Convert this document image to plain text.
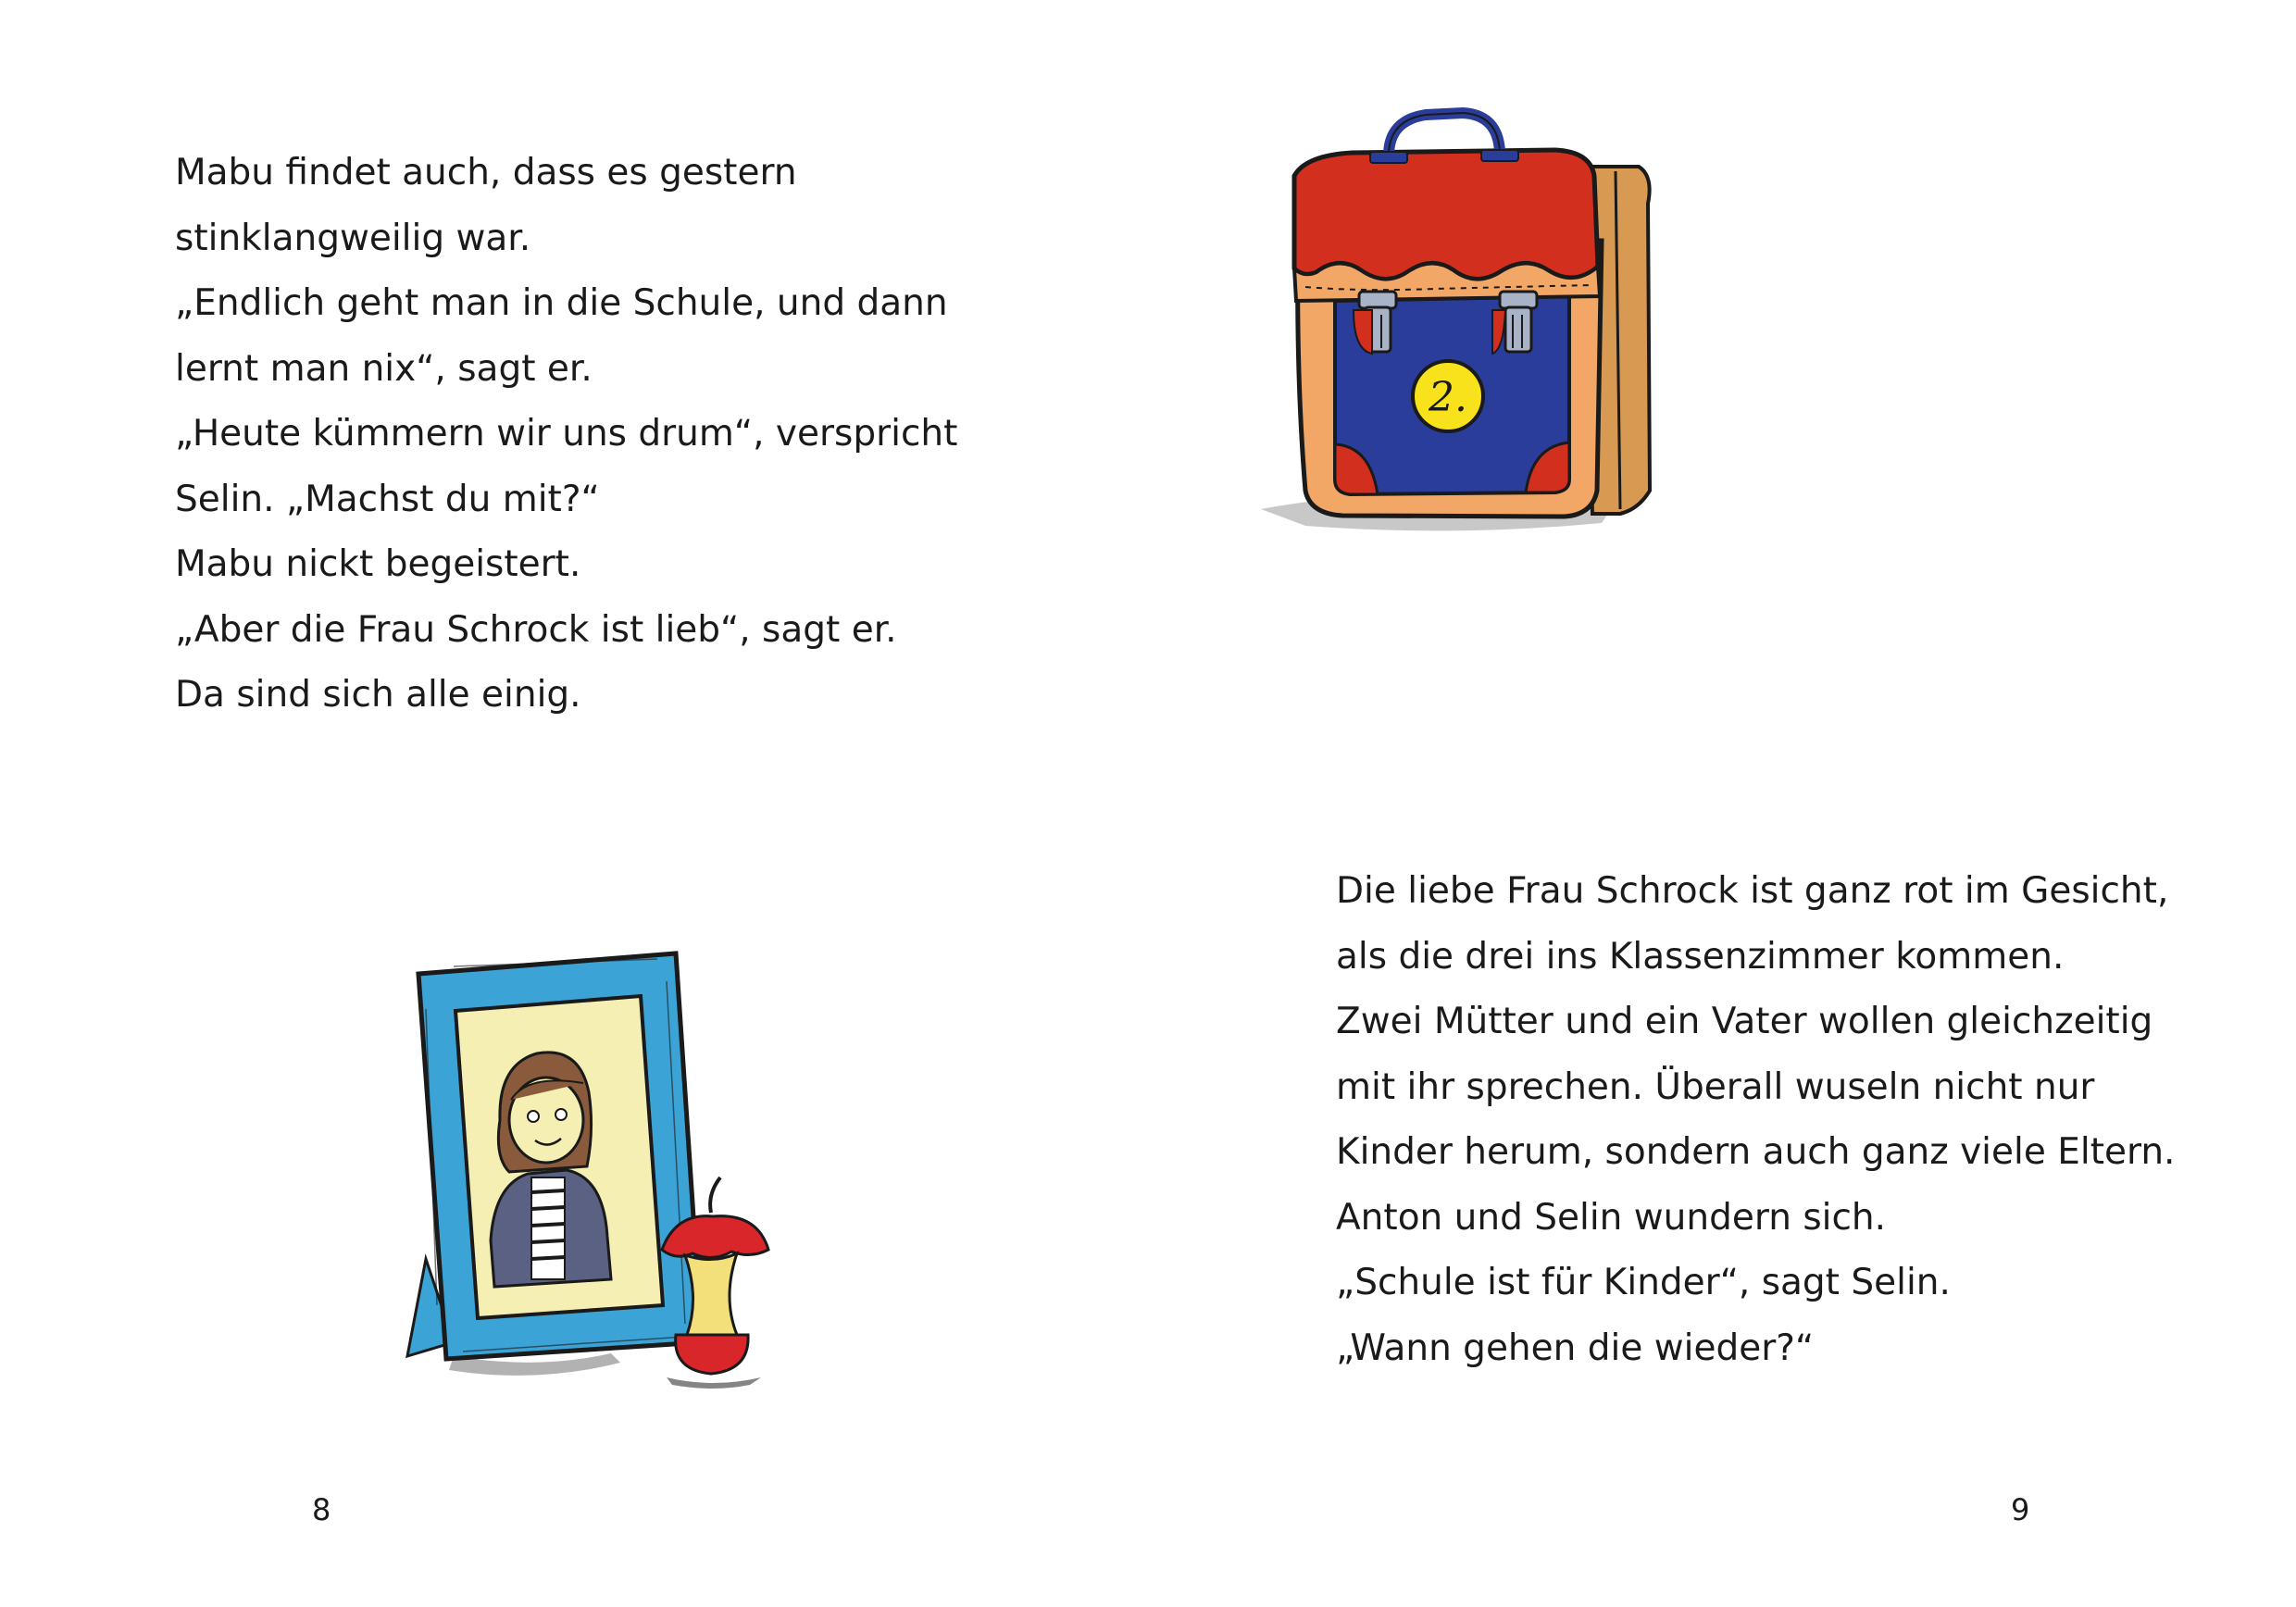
Mabu findet auch, dass es gestern
stinklangweilig war.
„Endlich geht man in die Schule, und dann
lernt man nix“, sagt er.
„Heute kümmern wir uns drum“, verspricht
Selin. „Machst du mit?“
Mabu nickt begeistert.
„Aber die Frau Schrock ist lieb“, sagt er.
Da sind sich alle einig.
8
Die liebe Frau Schrock ist ganz rot im Gesicht,
als die drei ins Klassenzimmer kommen.
Zwei Mütter und ein Vater wollen gleichzeitig
mit ihr sprechen. Überall wuseln nicht nur
Kinder herum, sondern auch ganz viele Eltern.
Anton und Selin wundern sich.
„Schule ist für Kinder“, sagt Selin.
„Wann gehen die wieder?“
9
2.
